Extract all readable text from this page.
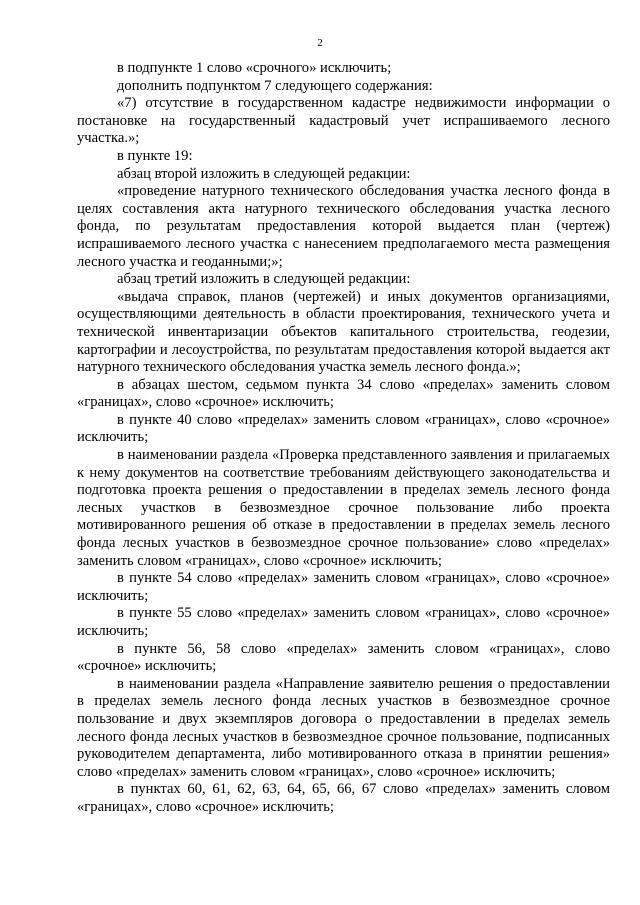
2

в подпункте 1 слово «срочного» исключить;

дополнить подпунктом 7 следующего содержания:

«7) отсутствие в государственном кадастре недвижимости информации о постановке на государственный кадастровый учет испрашиваемого лесного участка.»;

в пункте 19:

абзац второй изложить в следующей редакции:

«проведение натурного технического обследования участка лесного фонда в целях составления акта натурного технического обследования участка лесного фонда, по результатам предоставления которой выдается план (чертеж) испрашиваемого лесного участка с нанесением предполагаемого места размещения лесного участка и геоданными;»;

абзац третий изложить в следующей редакции:

«выдача справок, планов (чертежей) и иных документов организациями, осуществляющими деятельность в области проектирования, технического учета и технической инвентаризации объектов капитального строительства, геодезии, картографии и лесоустройства, по результатам предоставления которой выдается акт натурного технического обследования участка земель лесного фонда.»;

в абзацах шестом, седьмом пункта 34 слово «пределах» заменить словом «границах», слово «срочное» исключить;

в пункте 40 слово «пределах» заменить словом «границах», слово «срочное» исключить;

в наименовании раздела «Проверка представленного заявления и прилагаемых к нему документов на соответствие требованиям действующего законодательства и подготовка проекта решения о предоставлении в пределах земель лесного фонда лесных участков в безвозмездное срочное пользование либо проекта мотивированного решения об отказе в предоставлении в пределах земель лесного фонда лесных участков в безвозмездное срочное пользование» слово «пределах» заменить словом «границах», слово «срочное» исключить;

в пункте 54 слово «пределах» заменить словом «границах», слово «срочное» исключить;

в пункте 55 слово «пределах» заменить словом «границах», слово «срочное» исключить;

в пункте 56, 58 слово «пределах» заменить словом «границах», слово «срочное» исключить;

в наименовании раздела «Направление заявителю решения о предоставлении в пределах земель лесного фонда лесных участков в безвозмездное срочное пользование и двух экземпляров договора о предоставлении в пределах земель лесного фонда лесных участков в безвозмездное срочное пользование, подписанных руководителем департамента, либо мотивированного отказа в принятии решения» слово «пределах» заменить словом «границах», слово «срочное» исключить;

в пунктах 60, 61, 62, 63, 64, 65, 66, 67 слово «пределах» заменить словом «границах», слово «срочное» исключить;
